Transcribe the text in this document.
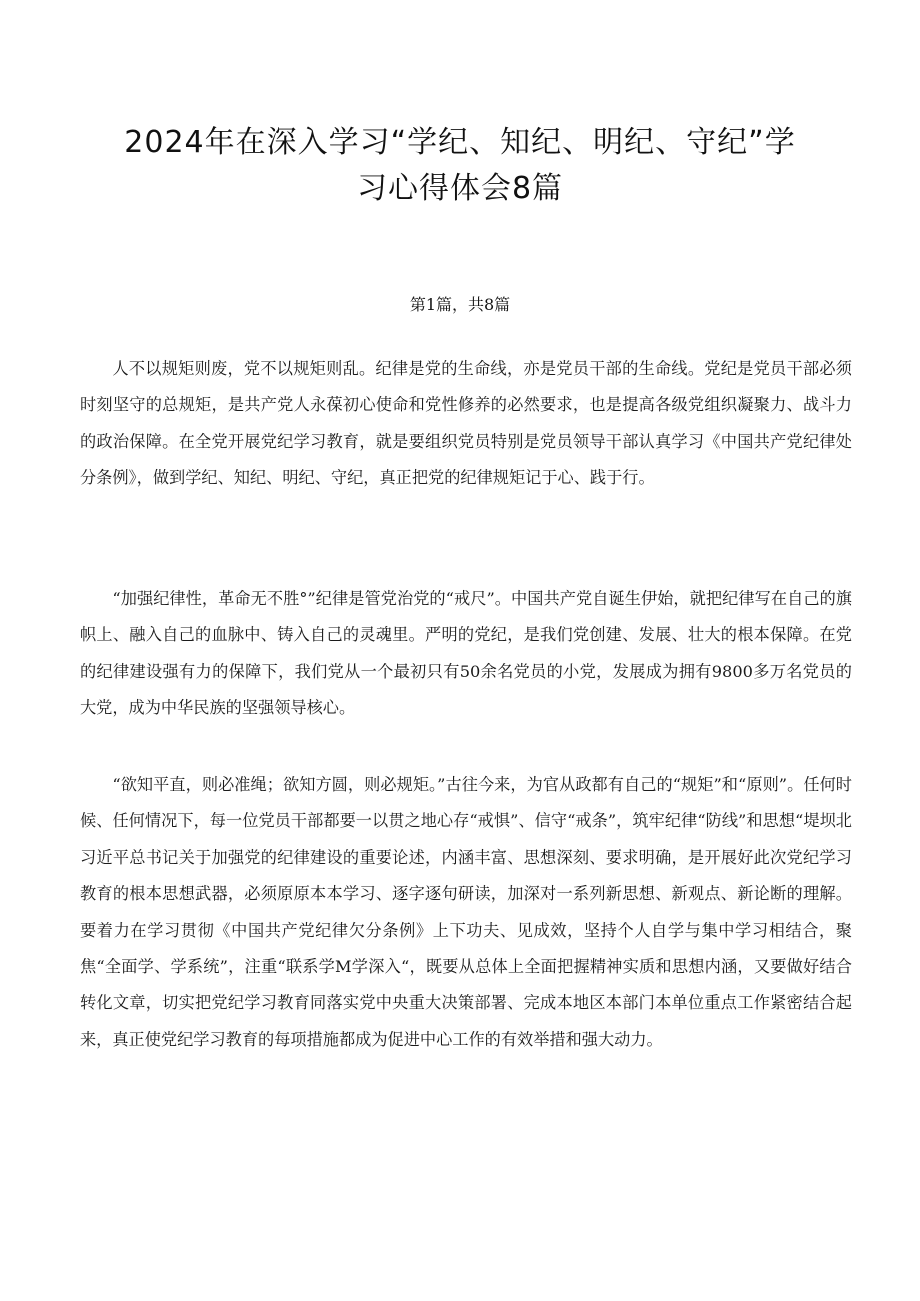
2024年在深入学习“学纪、知纪、明纪、守纪”学
习心得体会8篇
第1篇，共8篇

人不以规矩则废，党不以规矩则乱。纪律是党的生命线，亦是党员干部的生命线。党纪是党员干部必须时刻坚守的总规矩，是共产党人永葆初心使命和党性修养的必然要求，也是提高各级党组织凝聚力、战斗力的政治保障。在全党开展党纪学习教育，就是要组织党员特别是党员领导干部认真学习《中国共产党纪律处分条例》，做到学纪、知纪、明纪、守纪，真正把党的纪律规矩记于心、践于行。

“加强纪律性，革命无不胜°”纪律是管党治党的“戒尺”。中国共产党自诞生伊始，就把纪律写在自己的旗帜上、融入自己的血脉中、铸入自己的灵魂里。严明的党纪，是我们党创建、发展、壮大的根本保障。在党的纪律建设强有力的保障下，我们党从一个最初只有50余名党员的小党，发展成为拥有9800多万名党员的大党，成为中华民族的坚强领导核心。

“欲知平直，则必准绳；欲知方圆，则必规矩。”古往今来，为官从政都有自己的“规矩”和“原则”。任何时候、任何情况下，每一位党员干部都要一以贯之地心存“戒惧”、信守“戒条”，筑牢纪律“防线”和思想“堤坝北习近平总书记关于加强党的纪律建设的重要论述，内涵丰富、思想深刻、要求明确，是开展好此次党纪学习教育的根本思想武器，必须原原本本学习、逐字逐句研读，加深对一系列新思想、新观点、新论断的理解。要着力在学习贯彻《中国共产党纪律欠分条例》上下功夫、见成效，坚持个人自学与集中学习相结合，聚焦“全面学、学系统”，注重“联系学M学深入“，既要从总体上全面把握精神实质和思想内涵，又要做好结合转化文章，切实把党纪学习教育同落实党中央重大决策部署、完成本地区本部门本单位重点工作紧密结合起来，真正使党纪学习教育的每项措施都成为促进中心工作的有效举措和强大动力。
